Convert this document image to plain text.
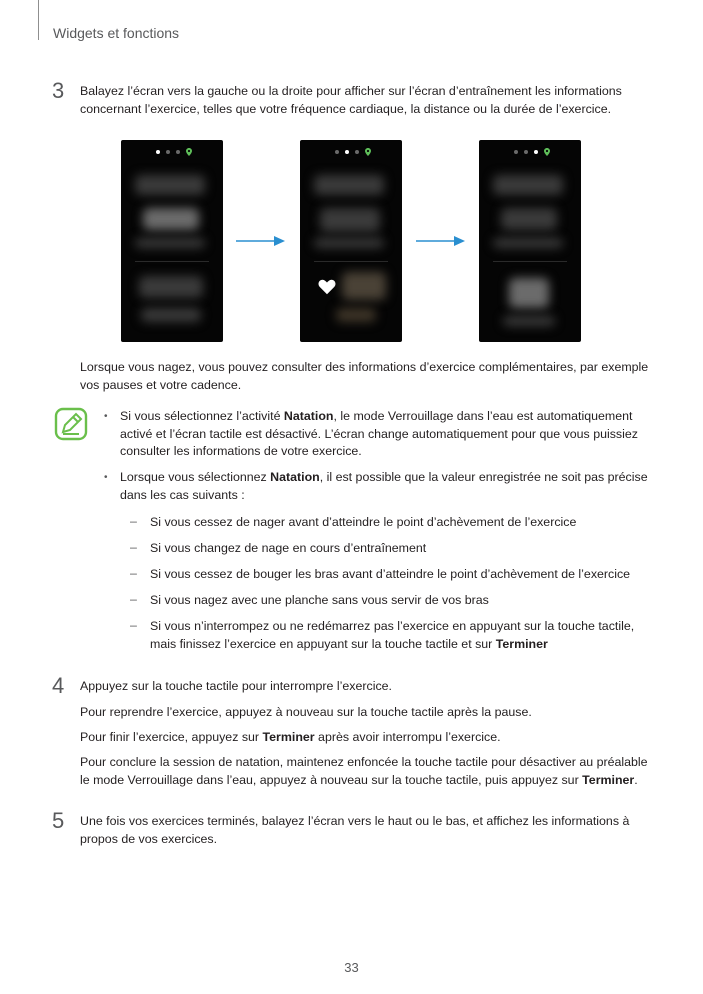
Widgets et fonctions
3 Balayez l’écran vers la gauche ou la droite pour afficher sur l’écran d’entraînement les informations concernant l’exercice, telles que votre fréquence cardiaque, la distance ou la durée de l’exercice.
Lorsque vous nagez, vous pouvez consulter des informations d’exercice complémentaires, par exemple vos pauses et votre cadence.
• Si vous sélectionnez l’activité Natation, le mode Verrouillage dans l’eau est automatiquement activé et l’écran tactile est désactivé. L’écran change automatiquement pour que vous puissiez consulter les informations de votre exercice.
• Lorsque vous sélectionnez Natation, il est possible que la valeur enregistrée ne soit pas précise dans les cas suivants :
– Si vous cessez de nager avant d’atteindre le point d’achèvement de l’exercice
– Si vous changez de nage en cours d’entraînement
– Si vous cessez de bouger les bras avant d’atteindre le point d’achèvement de l’exercice
– Si vous nagez avec une planche sans vous servir de vos bras
– Si vous n’interrompez ou ne redémarrez pas l’exercice en appuyant sur la touche tactile, mais finissez l’exercice en appuyant sur la touche tactile et sur Terminer
4 Appuyez sur la touche tactile pour interrompre l’exercice.
Pour reprendre l’exercice, appuyez à nouveau sur la touche tactile après la pause.
Pour finir l’exercice, appuyez sur Terminer après avoir interrompu l’exercice.
Pour conclure la session de natation, maintenez enfoncée la touche tactile pour désactiver au préalable le mode Verrouillage dans l’eau, appuyez à nouveau sur la touche tactile, puis appuyez sur Terminer.
5 Une fois vos exercices terminés, balayez l’écran vers le haut ou le bas, et affichez les informations à propos de vos exercices.
33
